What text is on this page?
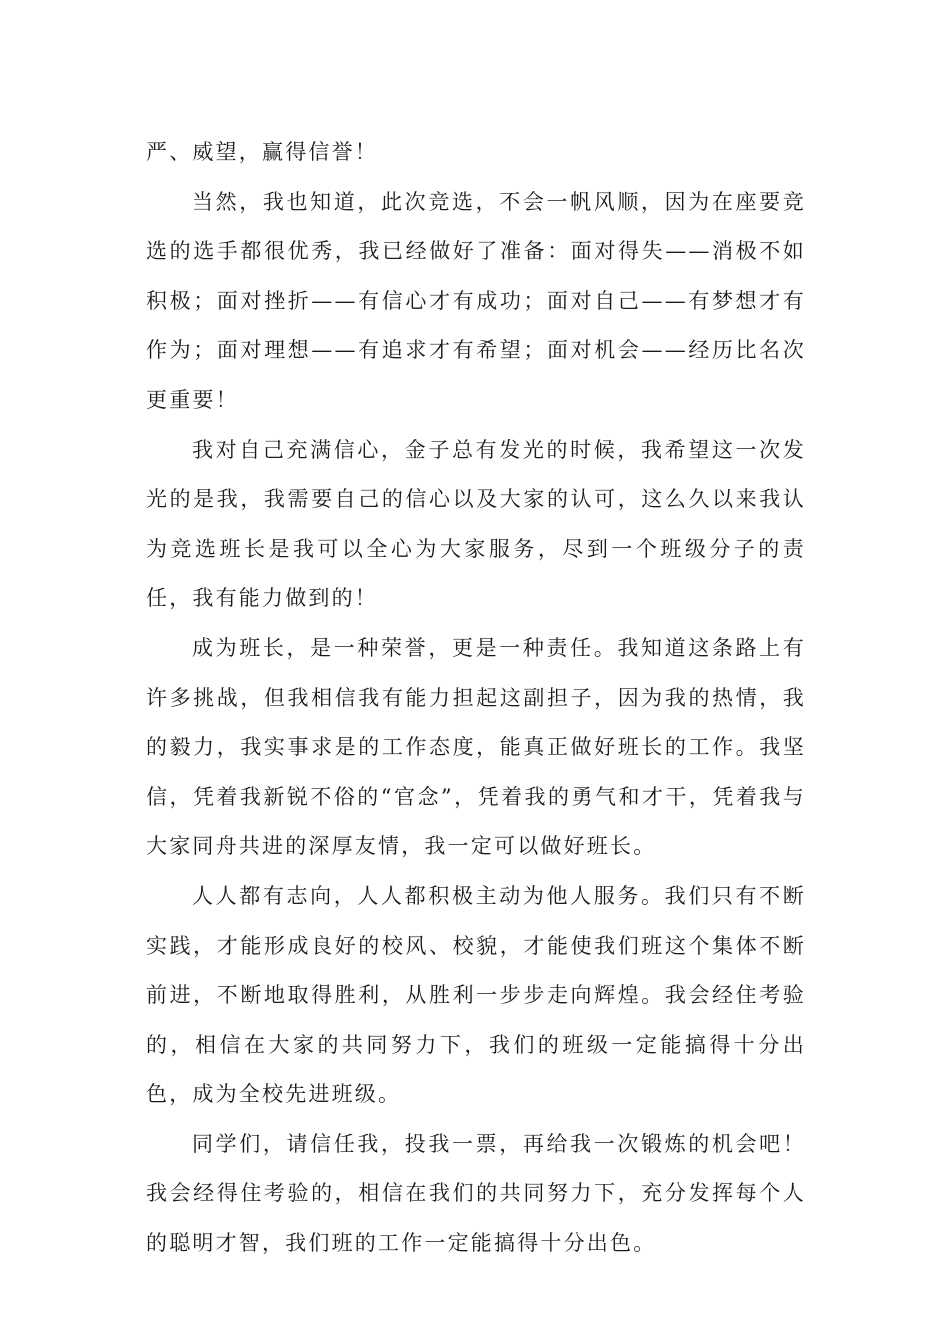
严、威望，赢得信誉！

当然，我也知道，此次竞选，不会一帆风顺，因为在座要竞选的选手都很优秀，我已经做好了准备：面对得失——消极不如积极；面对挫折——有信心才有成功；面对自己——有梦想才有作为；面对理想——有追求才有希望；面对机会——经历比名次更重要！

我对自己充满信心，金子总有发光的时候，我希望这一次发光的是我，我需要自己的信心以及大家的认可，这么久以来我认为竞选班长是我可以全心为大家服务，尽到一个班级分子的责任，我有能力做到的！

成为班长，是一种荣誉，更是一种责任。我知道这条路上有许多挑战，但我相信我有能力担起这副担子，因为我的热情，我的毅力，我实事求是的工作态度，能真正做好班长的工作。我坚信，凭着我新锐不俗的“官念”，凭着我的勇气和才干，凭着我与大家同舟共进的深厚友情，我一定可以做好班长。

人人都有志向，人人都积极主动为他人服务。我们只有不断实践，才能形成良好的校风、校貌，才能使我们班这个集体不断前进，不断地取得胜利，从胜利一步步走向辉煌。我会经住考验的，相信在大家的共同努力下，我们的班级一定能搞得十分出色，成为全校先进班级。

同学们，请信任我，投我一票，再给我一次锻炼的机会吧！我会经得住考验的，相信在我们的共同努力下，充分发挥每个人的聪明才智，我们班的工作一定能搞得十分出色。
